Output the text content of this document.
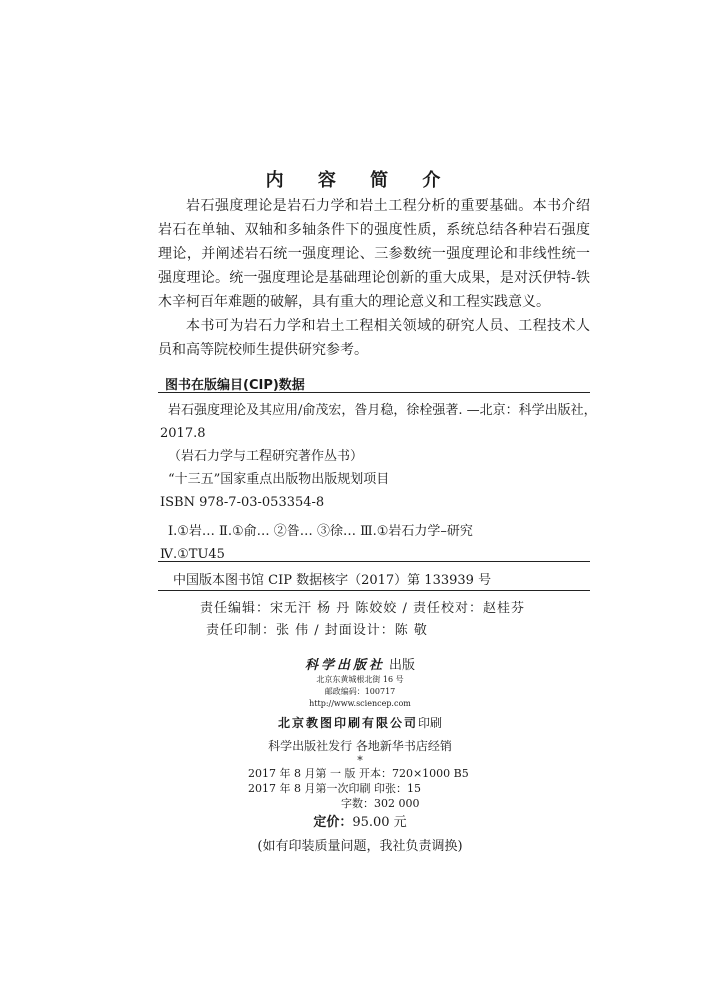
内 容 简 介

岩石强度理论是岩石力学和岩土工程分析的重要基础。本书介绍岩石在单轴、双轴和多轴条件下的强度性质，系统总结各种岩石强度理论，并阐述岩石统一强度理论、三参数统一强度理论和非线性统一强度理论。统一强度理论是基础理论创新的重大成果，是对沃伊特-铁木辛柯百年难题的破解，具有重大的理论意义和工程实践意义。

本书可为岩石力学和岩土工程相关领域的研究人员、工程技术人员和高等院校师生提供研究参考。

图书在版编目(CIP)数据
岩石强度理论及其应用/俞茂宏，昝月稳，徐栓强著. —北京：科学出版社，
2017.8
（岩石力学与工程研究著作丛书）
“十三五”国家重点出版物出版规划项目
ISBN 978-7-03-053354-8
Ⅰ.①岩… Ⅱ.①俞… ②昝… ③徐… Ⅲ.①岩石力学–研究
Ⅳ.①TU45
中国版本图书馆 CIP 数据核字（2017）第 133939 号
责任编辑：宋无汗 杨 丹 陈姣姣 / 责任校对：赵桂芬
责任印制：张 伟 / 封面设计：陈 敬
科学出版社 出版
北京东黄城根北街 16 号
邮政编码：100717
http://www.sciencep.com
北京教图印刷有限公司印刷
科学出版社发行 各地新华书店经销
*
2017 年 8 月第 一 版 开本：720×1000 B5
2017 年 8 月第一次印刷 印张：15
字数：302 000
定价：95.00 元
(如有印装质量问题，我社负责调换)
